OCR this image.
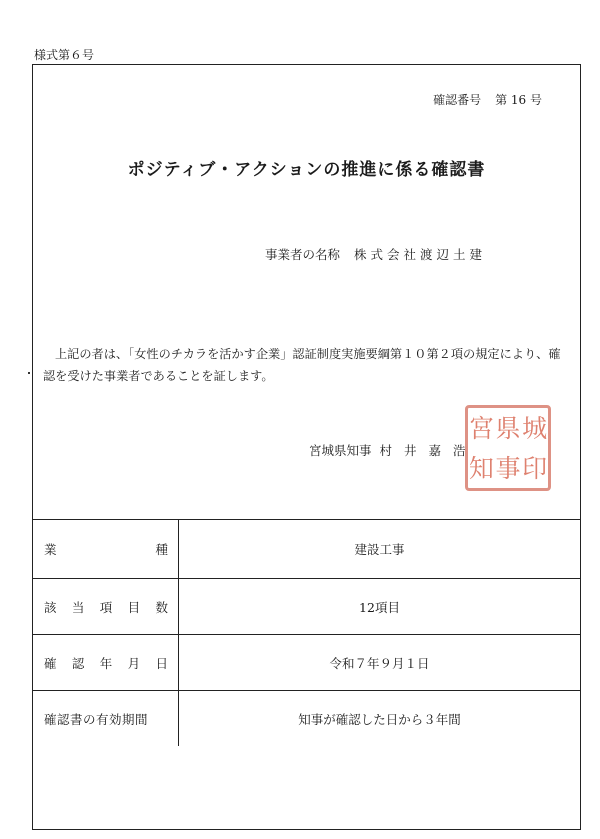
様式第６号
確認番号 第 16 号
ポジティブ・アクションの推進に係る確認書
事業者の名称 株式会社渡辺土建
上記の者は、「女性のチカラを活かす企業」認証制度実施要綱第１０第２項の規定により、確認を受けた事業者であることを証します。
宮城県知事 村井嘉浩
宮 県 城
知 事 印
業 種	建設工事

該 当 項 目 数	12項目

確 認 年 月 日	令和７年９月１日

確認書の有効期間	知事が確認した日から３年間
